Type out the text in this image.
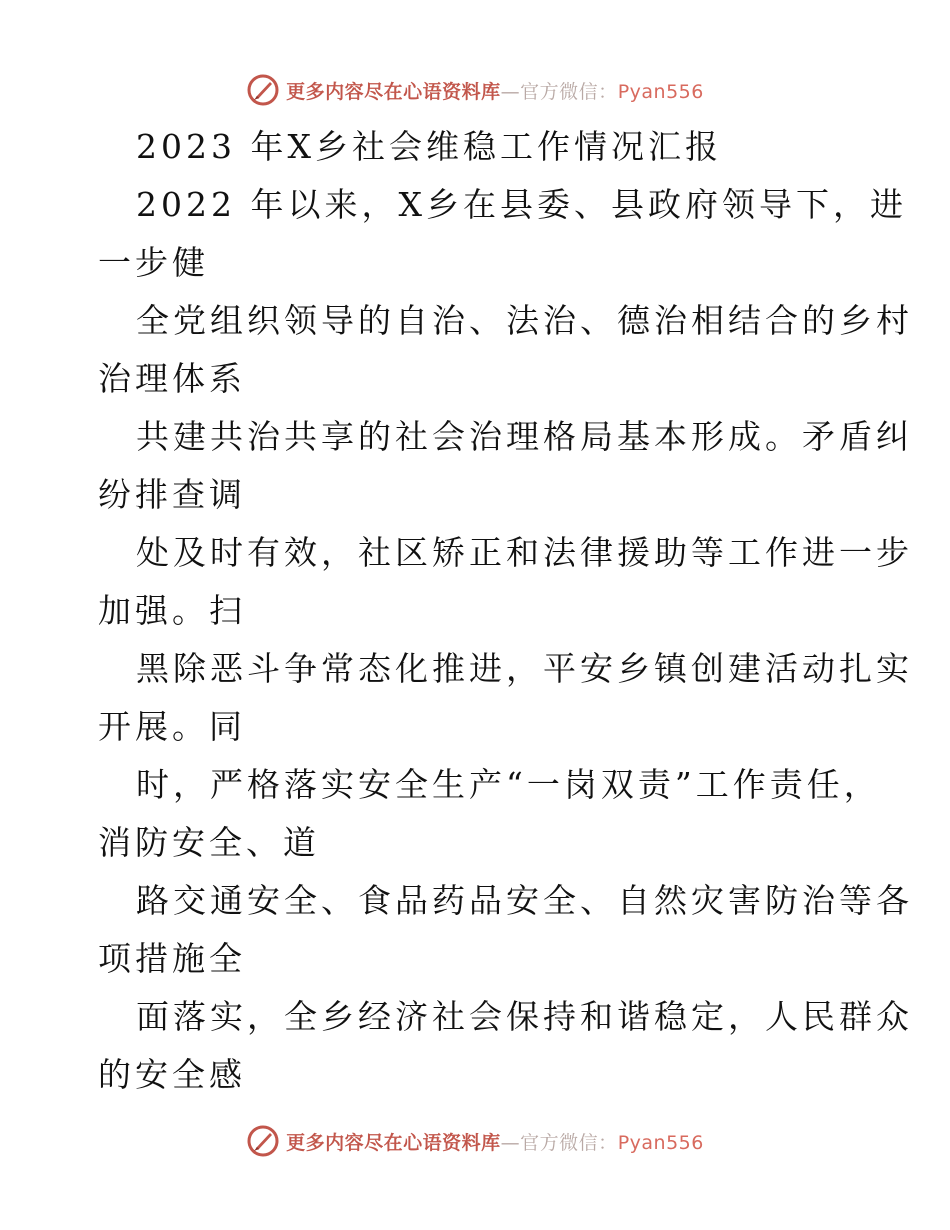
更多内容尽在心语资料库—官方微信：Pyan556
2023 年X乡社会维稳工作情况汇报
2022 年以来，X乡在县委、县政府领导下，进
一步健
全党组织领导的自治、法治、德治相结合的乡村
治理体系
共建共治共享的社会治理格局基本形成。矛盾纠
纷排查调
处及时有效，社区矫正和法律援助等工作进一步
加强。扫
黑除恶斗争常态化推进，平安乡镇创建活动扎实
开展。同
时，严格落实安全生产“一岗双责”工作责任，
消防安全、道
路交通安全、食品药品安全、自然灾害防治等各
项措施全
面落实，全乡经济社会保持和谐稳定，人民群众
的安全感
更多内容尽在心语资料库—官方微信：Pyan556
